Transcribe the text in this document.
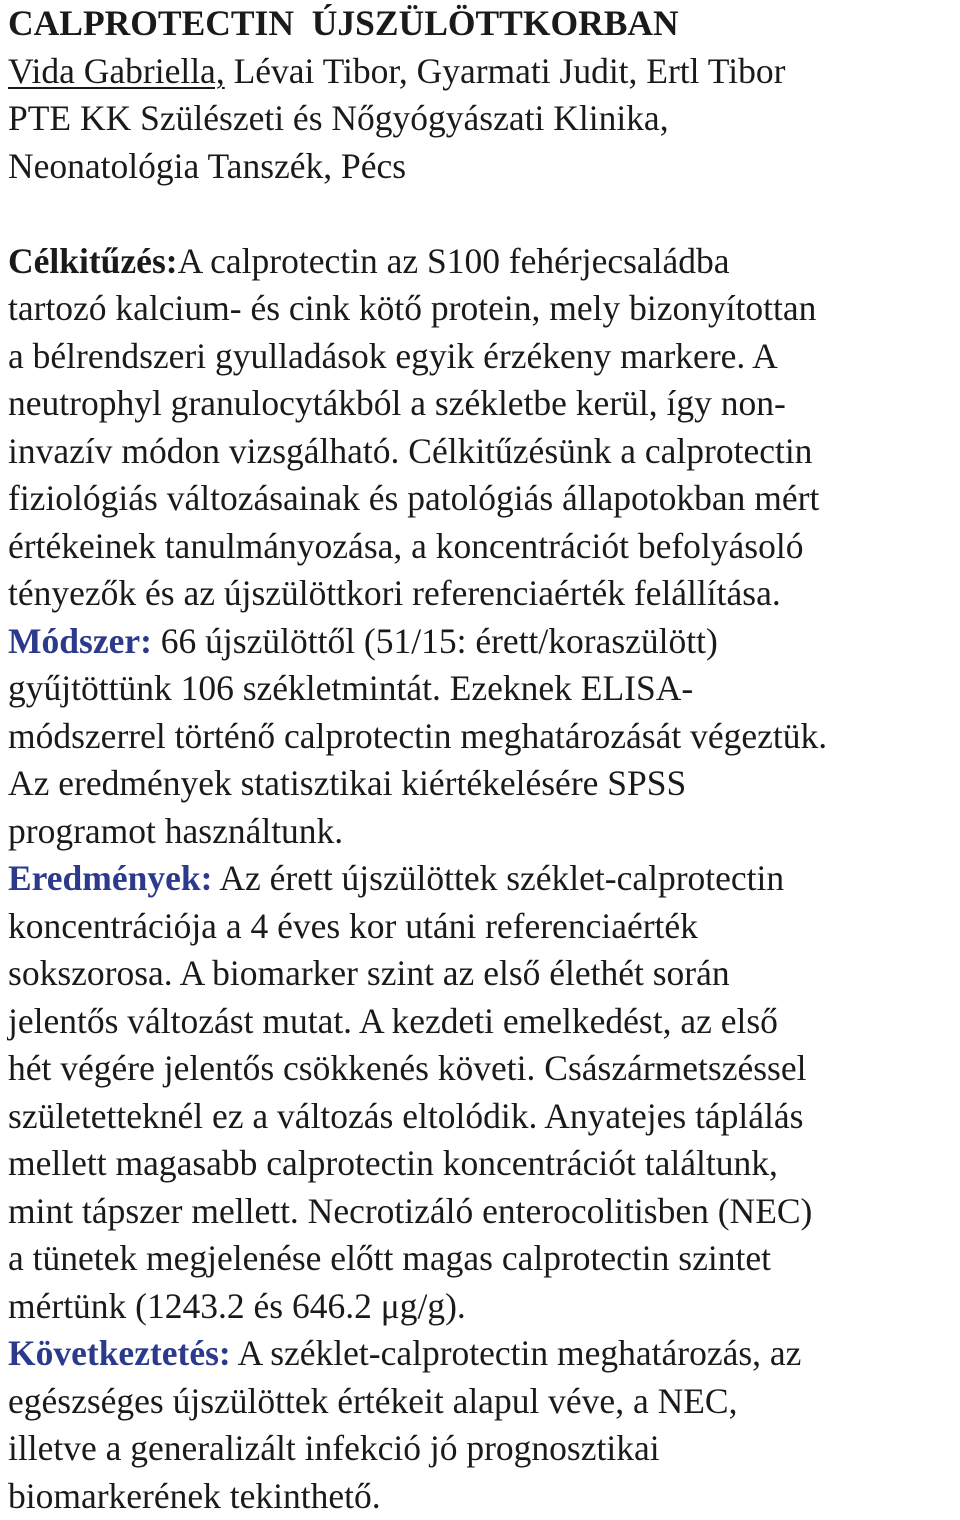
CALPROTECTIN  ÚJSZÜLÖTTKORBAN
Vida Gabriella, Lévai Tibor, Gyarmati Judit, Ertl Tibor
PTE KK Szülészeti és Nőgyógyászati Klinika,
Neonatológia Tanszék, Pécs
Célkitűzés:A calprotectin az S100 fehérjecsaládba
tartozó kalcium- és cink kötő protein, mely bizonyítottan
a bélrendszeri gyulladások egyik érzékeny markere. A
neutrophyl granulocytákból a székletbe kerül, így non-
invazív módon vizsgálható. Célkitűzésünk a calprotectin
fiziológiás változásainak és patológiás állapotokban mért
értékeinek tanulmányozása, a koncentrációt befolyásoló
tényezők és az újszülöttkori referenciaérték felállítása.
Módszer: 66 újszülöttől (51/15: érett/koraszülött)
gyűjtöttünk 106 székletmintát. Ezeknek ELISA-
módszerrel történő calprotectin meghatározását végeztük.
Az eredmények statisztikai kiértékelésére SPSS
programot használtunk.
Eredmények: Az érett újszülöttek széklet-calprotectin
koncentrációja a 4 éves kor utáni referenciaérték
sokszorosa. A biomarker szint az első élethét során
jelentős változást mutat. A kezdeti emelkedést, az első
hét végére jelentős csökkenés követi. Császármetszéssel
születetteknél ez a változás eltolódik. Anyatejes táplálás
mellett magasabb calprotectin koncentrációt találtunk,
mint tápszer mellett. Necrotizáló enterocolitisben (NEC)
a tünetek megjelenése előtt magas calprotectin szintet
mértünk (1243.2 és 646.2 μg/g).
Következtetés: A széklet-calprotectin meghatározás, az
egészséges újszülöttek értékeit alapul véve, a NEC,
illetve a generalizált infekció jó prognosztikai
biomarkerének tekinthető.
